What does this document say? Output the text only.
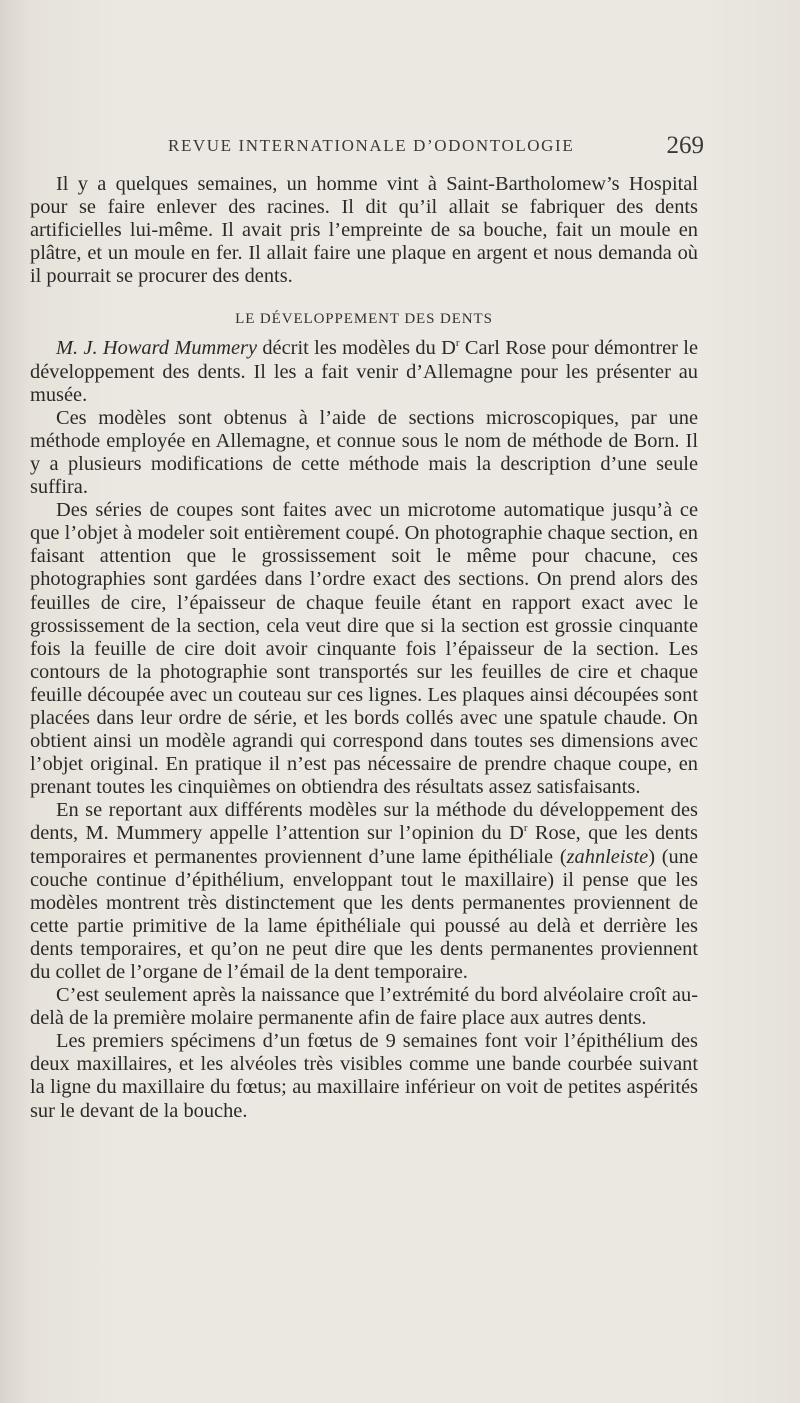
REVUE INTERNATIONALE D’ODONTOLOGIE	269

Il y a quelques semaines, un homme vint à Saint-Bartholomew’s Hospital pour se faire enlever des racines. Il dit qu’il allait se fabriquer des dents artificielles lui-même. Il avait pris l’empreinte de sa bouche, fait un moule en plâtre, et un moule en fer. Il allait faire une plaque en argent et nous demanda où il pourrait se procurer des dents.

LE DÉVELOPPEMENT DES DENTS

M. J. Howard Mummery décrit les modèles du $D^r$ Carl Rose pour démontrer le développement des dents. Il les a fait venir d’Allemagne pour les présenter au musée.

Ces modèles sont obtenus à l’aide de sections microscopiques, par une méthode employée en Allemagne, et connue sous le nom de méthode de Born. Il y a plusieurs modifications de cette méthode mais la description d’une seule suffira.

Des séries de coupes sont faites avec un microtome automatique jusqu’à ce que l’objet à modeler soit entièrement coupé. On photographie chaque section, en faisant attention que le grossissement soit le même pour chacune, ces photographies sont gardées dans l’ordre exact des sections. On prend alors des feuilles de cire, l’épaisseur de chaque feuile étant en rapport exact avec le grossissement de la section, cela veut dire que si la section est grossie cinquante fois la feuille de cire doit avoir cinquante fois l’épaisseur de la section. Les contours de la photographie sont transportés sur les feuilles de cire et chaque feuille découpée avec un couteau sur ces lignes. Les plaques ainsi découpées sont placées dans leur ordre de série, et les bords collés avec une spatule chaude. On obtient ainsi un modèle agrandi qui correspond dans toutes ses dimensions avec l’objet original. En pratique il n’est pas nécessaire de prendre chaque coupe, en prenant toutes les cinquièmes on obtiendra des résultats assez satisfaisants.

En se reportant aux différents modèles sur la méthode du développement des dents, M. Mummery appelle l’attention sur l’opinion du $D^r$ Rose, que les dents temporaires et permanentes proviennent d’une lame épithéliale (zahnleiste) (une couche continue d’épithélium, enveloppant tout le maxillaire) il pense que les modèles montrent très distinctement que les dents permanentes proviennent de cette partie primitive de la lame épithéliale qui poussé au delà et derrière les dents temporaires, et qu’on ne peut dire que les dents permanentes proviennent du collet de l’organe de l’émail de la dent temporaire.

C’est seulement après la naissance que l’extrémité du bord alvéolaire croît au-delà de la première molaire permanente afin de faire place aux autres dents.

Les premiers spécimens d’un fœtus de 9 semaines font voir l’épithélium des deux maxillaires, et les alvéoles très visibles comme une bande courbée suivant la ligne du maxillaire du fœtus; au maxillaire inférieur on voit de petites aspérités sur le devant de la bouche.
